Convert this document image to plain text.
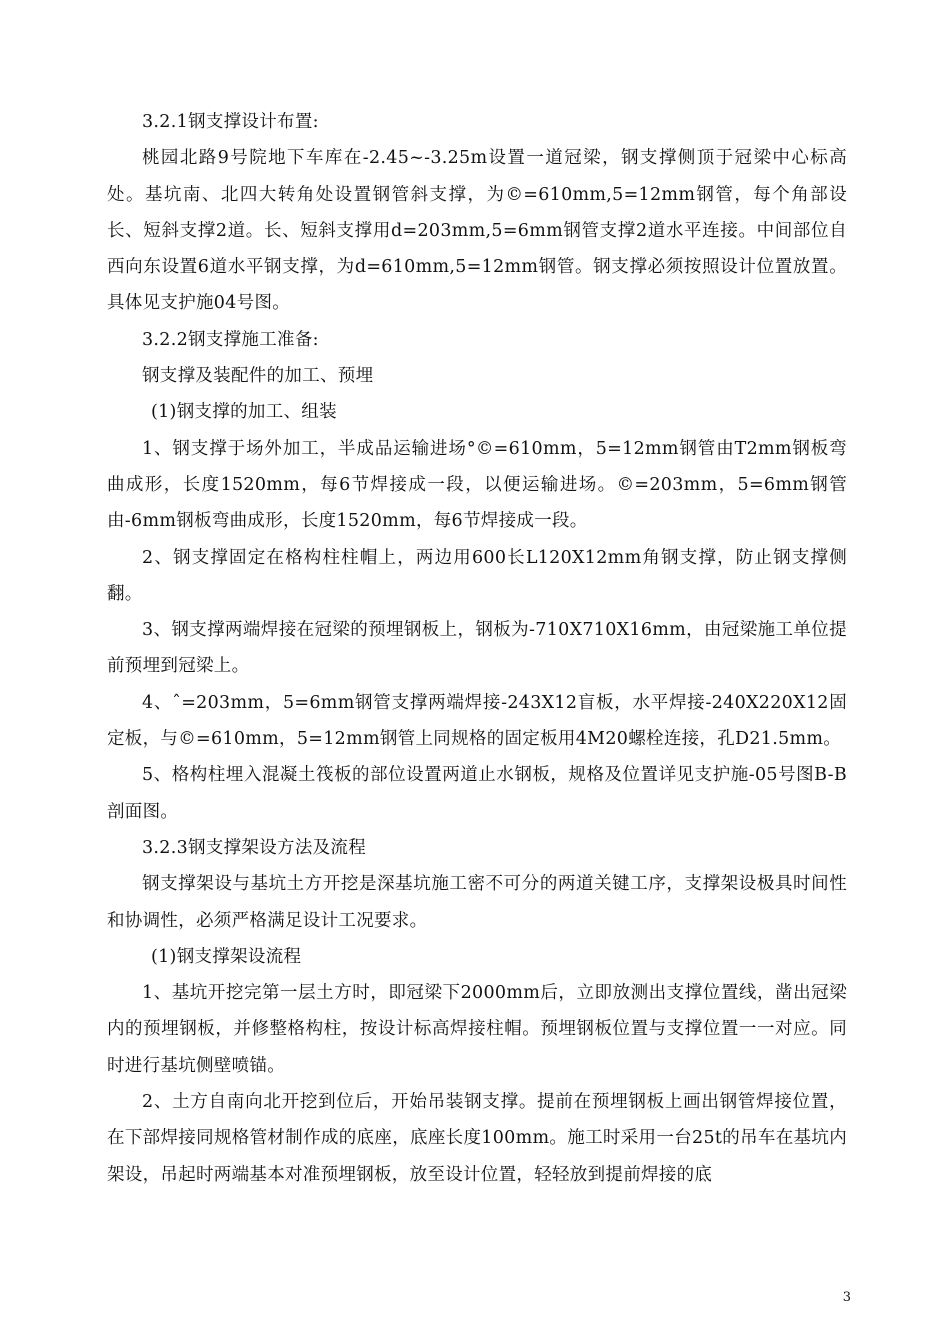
3.2.1钢支撑设计布置:

桃园北路9号院地下车库在-2.45~-3.25m设置一道冠梁，钢支撑侧顶于冠梁中心标高处。基坑南、北四大转角处设置钢管斜支撑，为©=610mm,5=12mm钢管，每个角部设长、短斜支撑2道。长、短斜支撑用d=203mm,5=6mm钢管支撑2道水平连接。中间部位自西向东设置6道水平钢支撑，为d=610mm,5=12mm钢管。钢支撑必须按照设计位置放置。具体见支护施04号图。

3.2.2钢支撑施工准备:

钢支撑及装配件的加工、预埋

(1)钢支撑的加工、组装

1、钢支撑于场外加工，半成品运输进场°©=610mm，5=12mm钢管由T2mm钢板弯曲成形，长度1520mm，每6节焊接成一段，以便运输进场。©=203mm，5=6mm钢管由-6mm钢板弯曲成形，长度1520mm，每6节焊接成一段。

2、钢支撑固定在格构柱柱帽上，两边用600长L120X12mm角钢支撑，防止钢支撑侧翻。

3、钢支撑两端焊接在冠梁的预埋钢板上，钢板为-710X710X16mm，由冠梁施工单位提前预埋到冠梁上。

4、ˆ=203mm，5=6mm钢管支撑两端焊接-243X12盲板，水平焊接-240X220X12固定板，与©=610mm，5=12mm钢管上同规格的固定板用4M20螺栓连接，孔D21.5mm。

5、格构柱埋入混凝土筏板的部位设置两道止水钢板，规格及位置详见支护施-05号图B-B剖面图。

3.2.3钢支撑架设方法及流程

钢支撑架设与基坑土方开挖是深基坑施工密不可分的两道关键工序，支撑架设极具时间性和协调性，必须严格满足设计工况要求。

(1)钢支撑架设流程

1、基坑开挖完第一层土方时，即冠梁下2000mm后，立即放测出支撑位置线，凿出冠梁内的预埋钢板，并修整格构柱，按设计标高焊接柱帽。预埋钢板位置与支撑位置一一对应。同时进行基坑侧壁喷锚。

2、土方自南向北开挖到位后，开始吊装钢支撑。提前在预埋钢板上画出钢管焊接位置，在下部焊接同规格管材制作成的底座，底座长度100mm。施工时采用一台25t的吊车在基坑内架设，吊起时两端基本对准预埋钢板，放至设计位置，轻轻放到提前焊接的底

3
